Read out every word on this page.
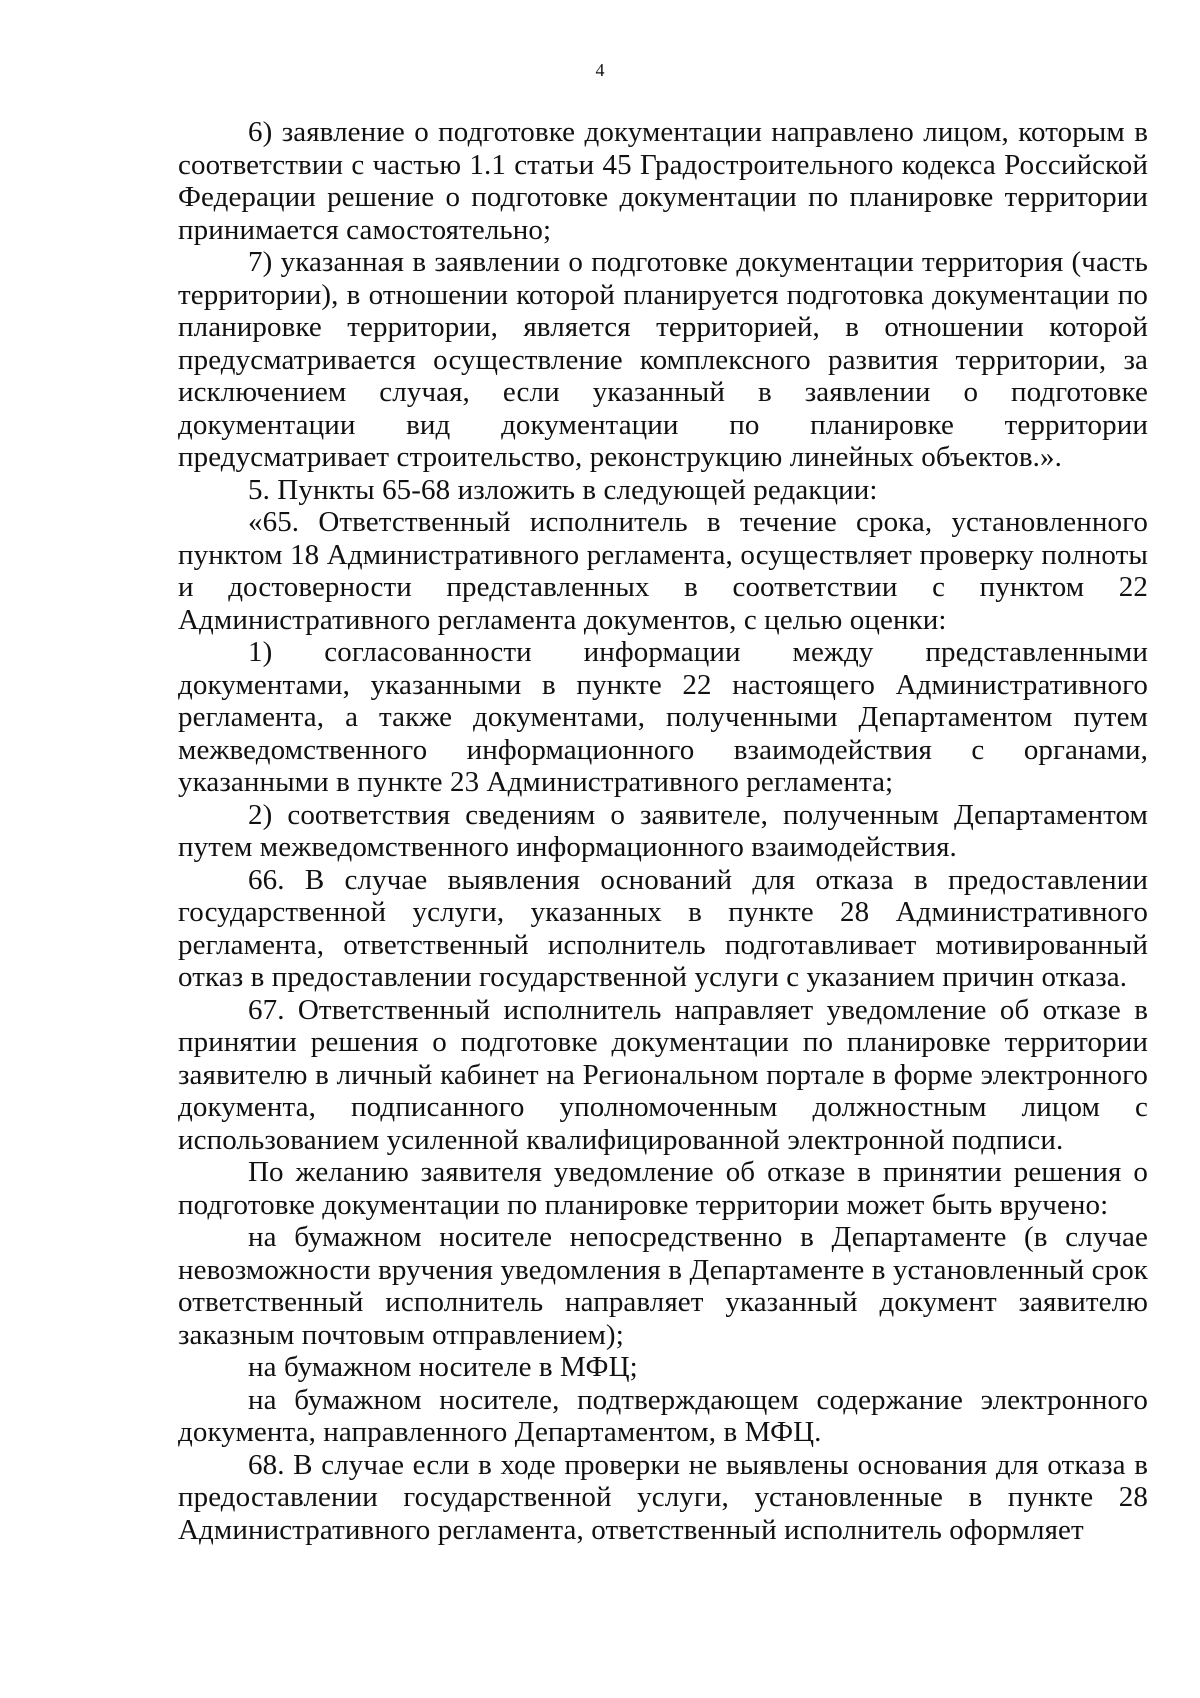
4

6) заявление о подготовке документации направлено лицом, которым в соответствии с частью 1.1 статьи 45 Градостроительного кодекса Российской Федерации решение о подготовке документации по планировке территории принимается самостоятельно;

7) указанная в заявлении о подготовке документации территория (часть территории), в отношении которой планируется подготовка документации по планировке территории, является территорией, в отношении которой предусматривается осуществление комплексного развития территории, за исключением случая, если указанный в заявлении о подготовке документации вид документации по планировке территории предусматривает строительство, реконструкцию линейных объектов.».

5. Пункты 65-68 изложить в следующей редакции:

«65. Ответственный исполнитель в течение срока, установленного пунктом 18 Административного регламента, осуществляет проверку полноты и достоверности представленных в соответствии с пунктом 22 Административного регламента документов, с целью оценки:

1) согласованности информации между представленными документами, указанными в пункте 22 настоящего Административного регламента, а также документами, полученными Департаментом путем межведомственного информационного взаимодействия с органами, указанными в пункте 23 Административного регламента;

2) соответствия сведениям о заявителе, полученным Департаментом путем межведомственного информационного взаимодействия.

66. В случае выявления оснований для отказа в предоставлении государственной услуги, указанных в пункте 28 Административного регламента, ответственный исполнитель подготавливает мотивированный отказ в предоставлении государственной услуги с указанием причин отказа.

67. Ответственный исполнитель направляет уведомление об отказе в принятии решения о подготовке документации по планировке территории заявителю в личный кабинет на Региональном портале в форме электронного документа, подписанного уполномоченным должностным лицом с использованием усиленной квалифицированной электронной подписи.

По желанию заявителя уведомление об отказе в принятии решения о подготовке документации по планировке территории может быть вручено:

на бумажном носителе непосредственно в Департаменте (в случае невозможности вручения уведомления в Департаменте в установленный срок ответственный исполнитель направляет указанный документ заявителю заказным почтовым отправлением);

на бумажном носителе в МФЦ;

на бумажном носителе, подтверждающем содержание электронного документа, направленного Департаментом, в МФЦ.

68. В случае если в ходе проверки не выявлены основания для отказа в предоставлении государственной услуги, установленные в пункте 28 Административного регламента, ответственный исполнитель оформляет
